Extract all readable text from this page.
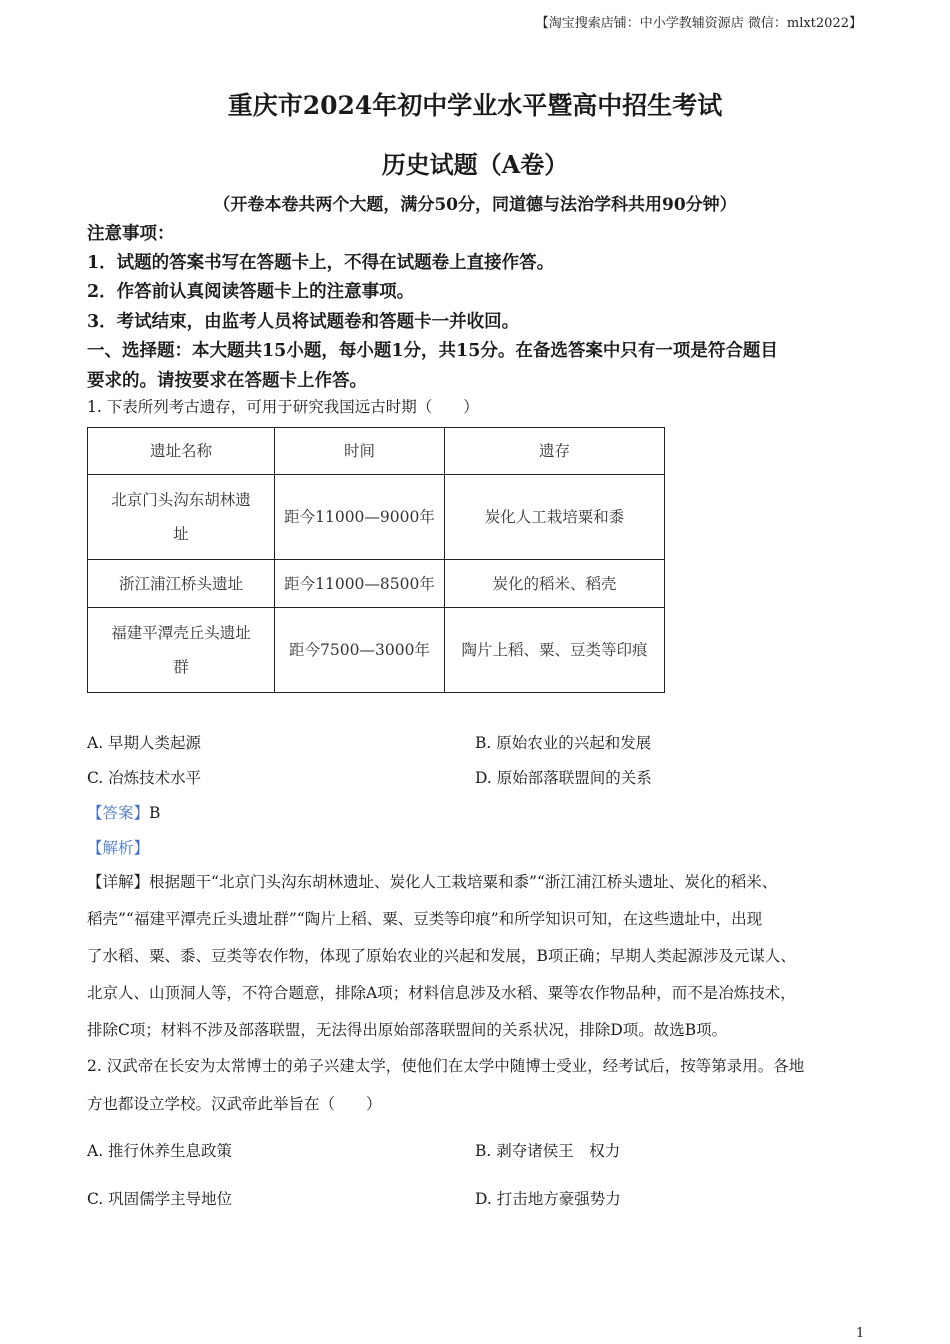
【淘宝搜索店铺：中小学教辅资源店 微信：mlxt2022】
重庆市2024年初中学业水平暨高中招生考试
历史试题（A卷）
（开卷本卷共两个大题，满分50分，同道德与法治学科共用90分钟）
注意事项：
1．试题的答案书写在答题卡上，不得在试题卷上直接作答。
2．作答前认真阅读答题卡上的注意事项。
3．考试结束，由监考人员将试题卷和答题卡一并收回。
一、选择题：本大题共15小题，每小题1分，共15分。在备选答案中只有一项是符合题目
要求的。请按要求在答题卡上作答。
1. 下表所列考古遗存，可用于研究我国远古时期（　　）
遗址名称	时间	遗存
北京门头沟东胡林遗
址	距今11000—9000年	炭化人工栽培粟和黍
浙江浦江桥头遗址	距今11000—8500年	炭化的稻米、稻壳
福建平潭壳丘头遗址
群	距今7500—3000年	陶片上稻、粟、豆类等印痕
A. 早期人类起源	B. 原始农业的兴起和发展
C. 冶炼技术水平	D. 原始部落联盟间的关系
【答案】B
【解析】

【详解】根据题干“北京门头沟东胡林遗址、炭化人工栽培粟和黍”“浙江浦江桥头遗址、炭化的稻米、

稻壳”“福建平潭壳丘头遗址群”“陶片上稻、粟、豆类等印痕”和所学知识可知，在这些遗址中，出现

了水稻、粟、黍、豆类等农作物，体现了原始农业的兴起和发展，B项正确；早期人类起源涉及元谋人、

北京人、山顶洞人等，不符合题意，排除A项；材料信息涉及水稻、粟等农作物品种，而不是冶炼技术，

排除C项；材料不涉及部落联盟，无法得出原始部落联盟间的关系状况，排除D项。故选B项。

2. 汉武帝在长安为太常博士的弟子兴建太学，使他们在太学中随博士受业，经考试后，按等第录用。各地
方也都设立学校。汉武帝此举旨在（　　）
A. 推行休养生息政策	B. 剥夺诸侯王　权力
C. 巩固儒学主导地位	D. 打击地方豪强势力
1
